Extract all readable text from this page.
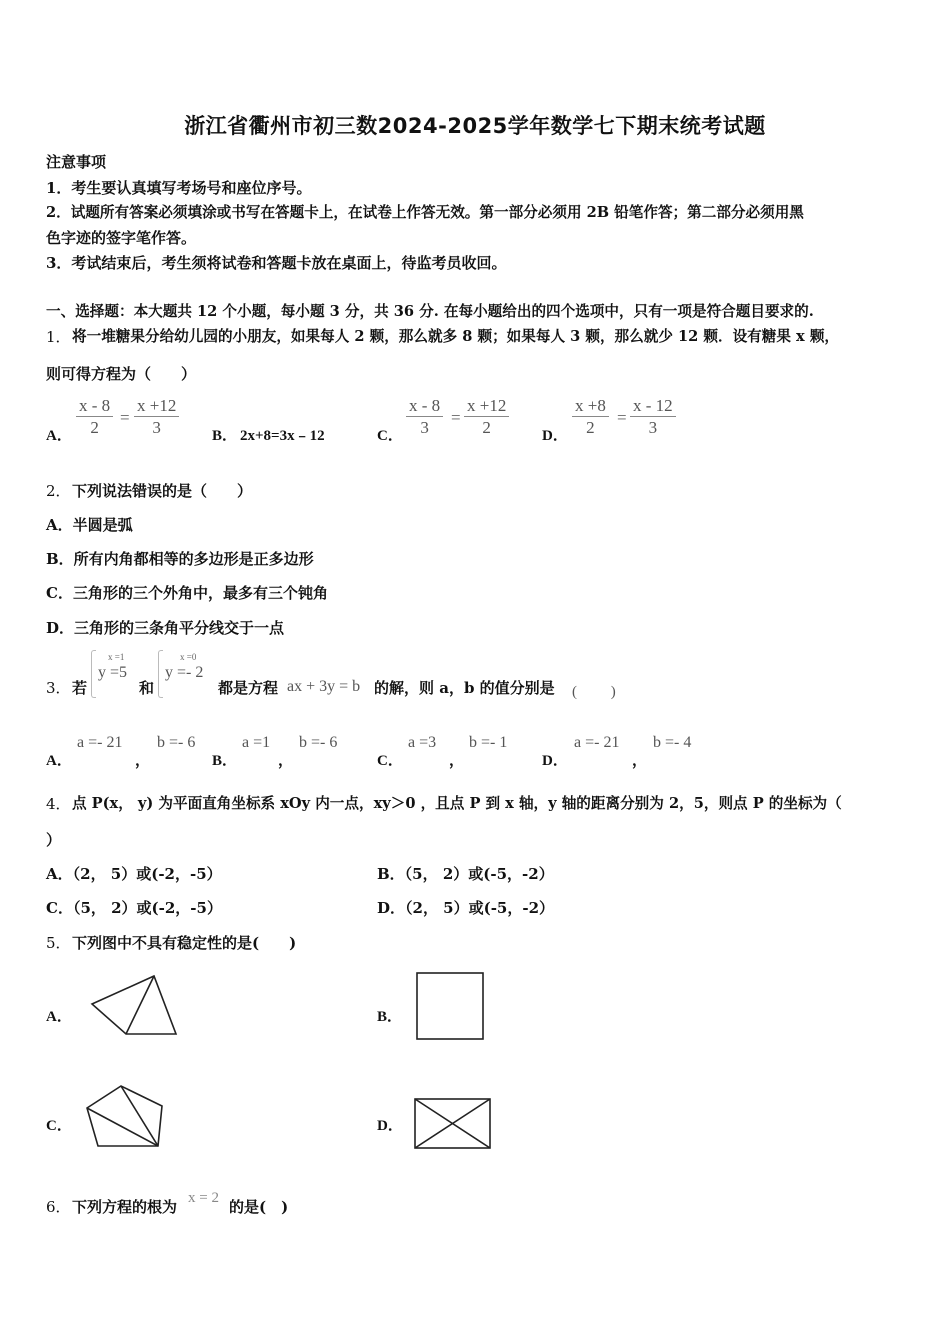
浙江省衢州市初三数2024-2025学年数学七下期末统考试题
注意事项
1．考生要认真填写考场号和座位序号。
2．试题所有答案必须填涂或书写在答题卡上，在试卷上作答无效。第一部分必须用 2B 铅笔作答；第二部分必须用黑
色字迹的签字笔作答。
3．考试结束后，考生须将试卷和答题卡放在桌面上，待监考员收回。
一、选择题：本大题共 12 个小题，每小题 3 分，共 36 分. 在每小题给出的四个选项中，只有一项是符合题目要求的.
1． 将一堆糖果分给幼儿园的小朋友，如果每人 2 颗，那么就多 8 颗；如果每人 3 颗，那么就少 12 颗．设有糖果 x 颗，
则可得方程为（　　）
A．
x - 8
2
=
x +12
3	B． 2x+8=3x﹣12	C．
x - 8
3
=
x +12
2	D．
x +8
2
=
x - 12
3
2． 下列说法错误的是（　　）
A．半圆是弧
B．所有内角都相等的多边形是正多边形
C．三角形的三个外角中，最多有三个钝角
D．三角形的三条角平分线交于一点
3． 若
x =1
y =5
和
x =0
y =- 2
都是方程 ax + 3y = b 的解，则 a，b 的值分别是 (　　 )
A．
a =- 21
，
b =- 6
B．
a =1
，
b =- 6
C．
a =3
，
b =- 1
D．
a =- 21
，
b =- 4
4． 点 P(x， y) 为平面直角坐标系 xOy 内一点，xy＞0 ，且点 P 到 x 轴，y 轴的距离分别为 2，5，则点 P 的坐标为（
）
A．（2， 5）或(-2，-5）	B．（5， 2）或(-5，-2）
C．（5， 2）或(-2，-5）	D．（2， 5）或(-5，-2）
5． 下列图中不具有稳定性的是(　　)
A．	B．
C．	D．
6． 下列方程的根为 x = 2 的是(　)
